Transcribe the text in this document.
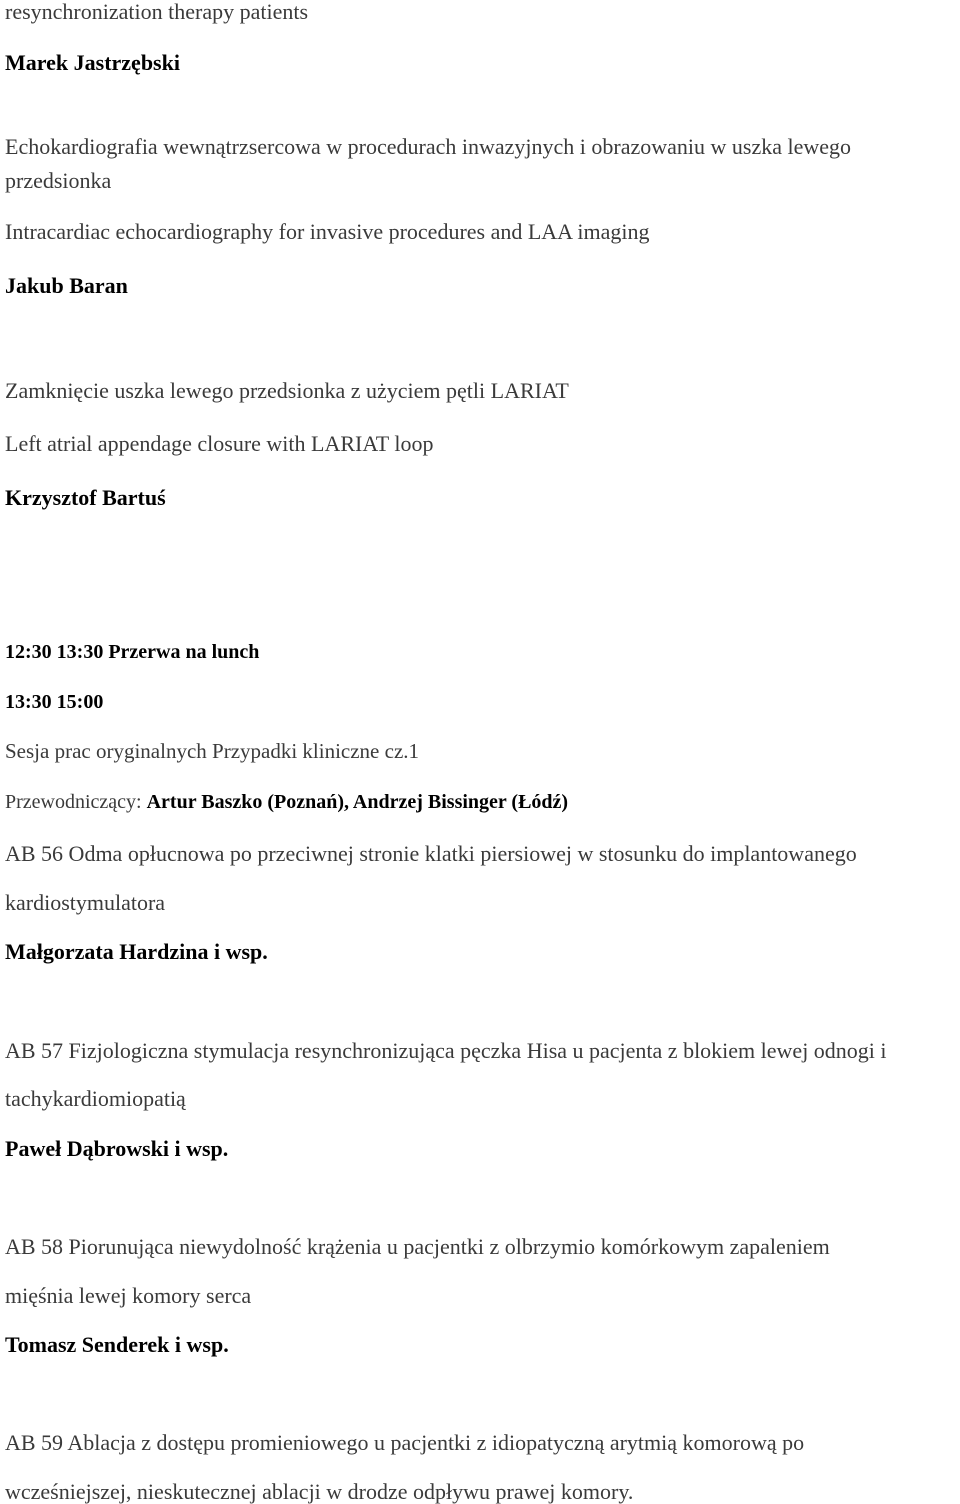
resynchronization therapy patients
Marek Jastrzębski
Echokardiografia wewnątrzsercowa w procedurach inwazyjnych i obrazowaniu w uszka lewego
przedsionka
Intracardiac echocardiography for invasive procedures and LAA imaging
Jakub Baran
Zamknięcie uszka lewego przedsionka z użyciem pętli LARIAT
Left atrial appendage closure with LARIAT loop
Krzysztof Bartuś
12:30 13:30 Przerwa na lunch
13:30 15:00
Sesja prac oryginalnych Przypadki kliniczne cz.1
Przewodniczący: Artur Baszko (Poznań), Andrzej Bissinger (Łódź)
AB 56 Odma opłucnowa po przeciwnej stronie klatki piersiowej w stosunku do implantowanego
kardiostymulatora
Małgorzata Hardzina i wsp.
AB 57 Fizjologiczna stymulacja resynchronizująca pęczka Hisa u pacjenta z blokiem lewej odnogi i
tachykardiomiopatią
Paweł Dąbrowski i wsp.
AB 58 Piorunująca niewydolność krążenia u pacjentki z olbrzymio komórkowym zapaleniem
mięśnia lewej komory serca
Tomasz Senderek i wsp.
AB 59 Ablacja z dostępu promieniowego u pacjentki z idiopatyczną arytmią komorową po
wcześniejszej, nieskutecznej ablacji w drodze odpływu prawej komory.
